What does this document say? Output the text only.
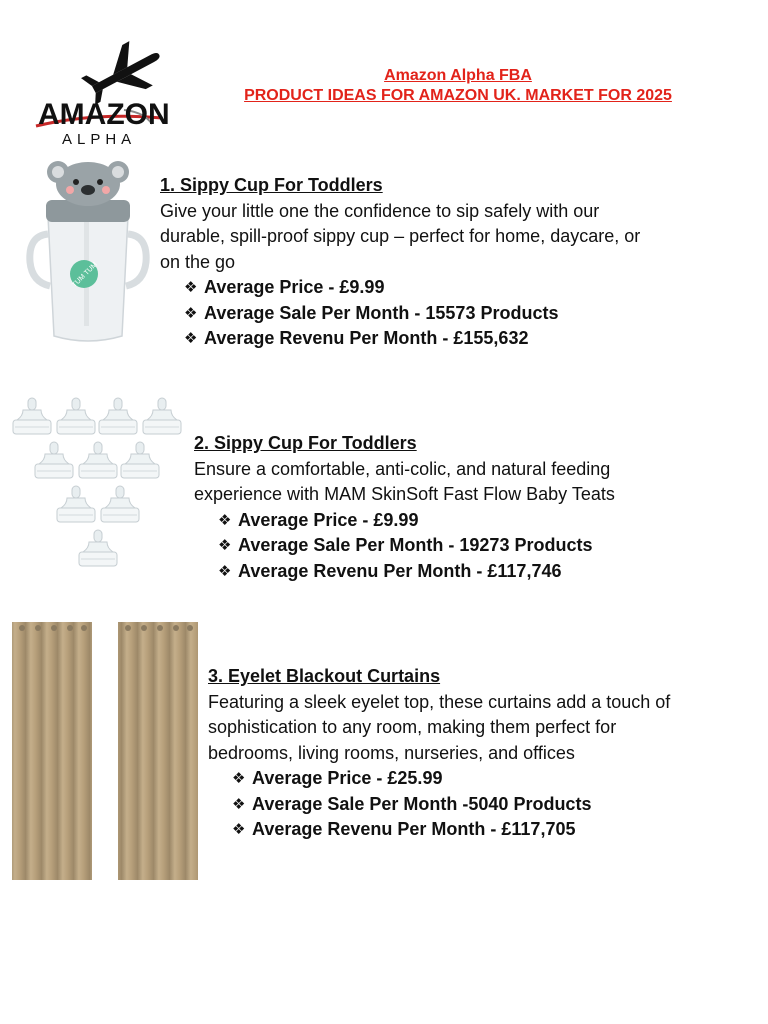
AMAZON
ALPHA
Amazon Alpha FBA
PRODUCT IDEAS FOR AMAZON UK. MARKET FOR 2025
TUM TUM
1. Sippy Cup For Toddlers
Give your little one the confidence to sip safely with our
durable, spill-proof sippy cup – perfect for home, daycare, or
on the go
❖ Average Price - £9.99
❖ Average Sale Per Month - 15573 Products
❖ Average Revenu Per Month - £155,632
2. Sippy Cup For Toddlers
Ensure a comfortable, anti-colic, and natural feeding
experience with MAM SkinSoft Fast Flow Baby Teats
❖ Average Price - £9.99
❖ Average Sale Per Month - 19273 Products
❖ Average Revenu Per Month - £117,746
3. Eyelet Blackout Curtains
Featuring a sleek eyelet top, these curtains add a touch of
sophistication to any room, making them perfect for
bedrooms, living rooms, nurseries, and offices
❖ Average Price - £25.99
❖ Average Sale Per Month -5040 Products
❖ Average Revenu Per Month - £117,705
